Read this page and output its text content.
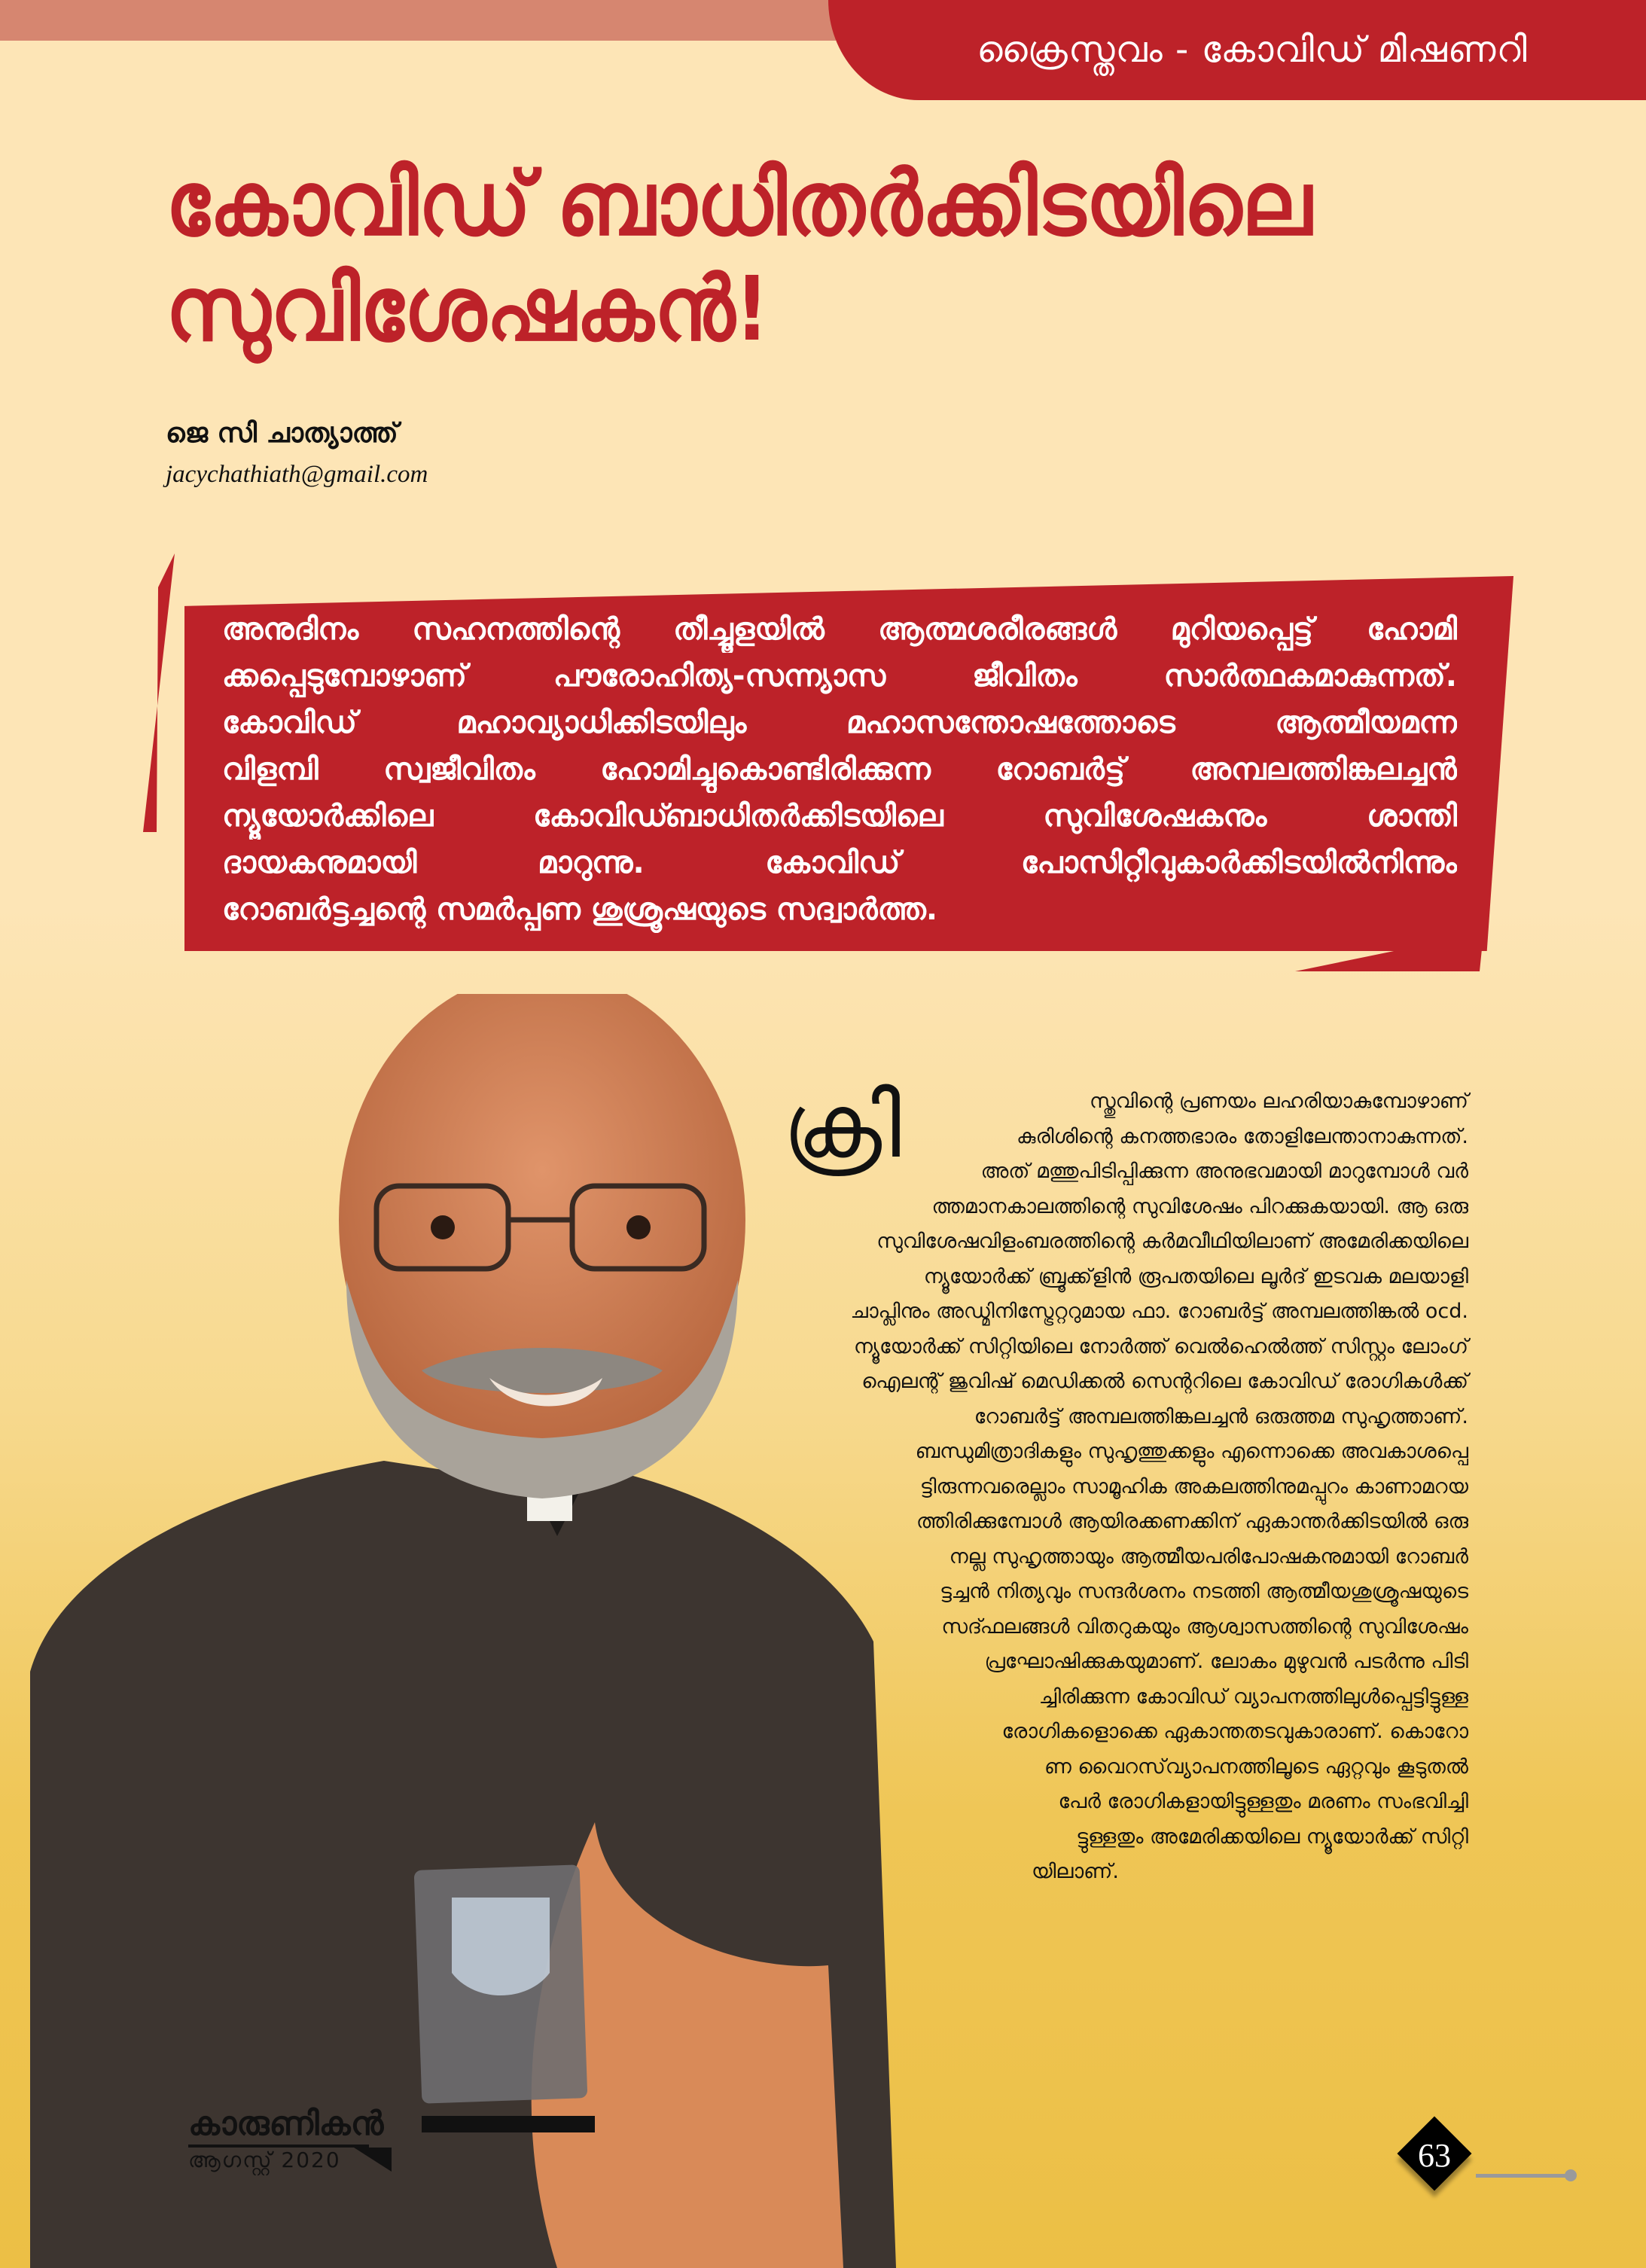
ക്രൈസ്തവം - കോവിഡ് മിഷണറി
കോവിഡ് ബാധിതർക്കിടയിലെ
സുവിശേഷകൻ!
ജെ സി ചാത്യാത്ത്
jacychathiath@gmail.com
അനുദിനം സഹനത്തിന്റെ തീച്ചൂളയിൽ ആത്മശരീരങ്ങൾ മുറിയപ്പെട്ട് ഹോമി
ക്കപ്പെടുമ്പോഴാണ് പൗരോഹിത്യ-സന്ന്യാസ ജീവിതം സാർത്ഥകമാകുന്നത്.
കോവിഡ് മഹാവ്യാധിക്കിടയിലും മഹാസന്തോഷത്തോടെ ആത്മീയമന്ന
വിളമ്പി സ്വജീവിതം ഹോമിച്ചുകൊണ്ടിരിക്കുന്ന റോബർട്ട് അമ്പലത്തിങ്കലച്ചൻ
ന്യൂയോർക്കിലെ കോവിഡ്ബാധിതർക്കിടയിലെ സുവിശേഷകനും ശാന്തി
ദായകനുമായി മാറുന്നു. കോവിഡ് പോസിറ്റീവുകാർക്കിടയിൽനിന്നും
റോബർട്ടച്ചന്റെ സമർപ്പണ ശുശ്രൂഷയുടെ സദ്വാർത്ത.
ക്രി	സ്തുവിന്റെ പ്രണയം ലഹരിയാകുമ്പോഴാണ്
കുരിശിന്റെ കനത്തഭാരം തോളിലേന്താനാകുന്നത്.
അത് മത്തുപിടിപ്പിക്കുന്ന അനുഭവമായി മാറുമ്പോൾ വർ
ത്തമാനകാലത്തിന്റെ സുവിശേഷം പിറക്കുകയായി. ആ ഒരു
സുവിശേഷവിളംബരത്തിന്റെ കർമവീഥിയിലാണ് അമേരിക്കയിലെ
ന്യൂയോർക്ക് ബ്രൂക്ക്‌ളിൻ രൂപതയിലെ ലൂർദ് ഇടവക മലയാളി
ചാപ്ലിനും അഡ്മിനിസ്ട്രേറ്ററുമായ ഫാ. റോബർട്ട് അമ്പലത്തിങ്കൽ ocd.
ന്യൂയോർക്ക് സിറ്റിയിലെ നോർത്ത് വെൽഹെൽത്ത് സിസ്റ്റം ലോംഗ്
ഐലന്റ് ജുവിഷ് മെഡിക്കൽ സെന്ററിലെ കോവിഡ് രോഗികൾക്ക്
റോബർട്ട് അമ്പലത്തിങ്കലച്ചൻ ഒരുത്തമ സുഹൃത്താണ്.
ബന്ധുമിത്രാദികളും സുഹൃത്തുക്കളും എന്നൊക്കെ അവകാശപ്പെ
ട്ടിരുന്നവരെല്ലാം സാമൂഹിക അകലത്തിനുമപ്പുറം കാണാമറയ
ത്തിരിക്കുമ്പോൾ ആയിരക്കണക്കിന് ഏകാന്തർക്കിടയിൽ ഒരു
നല്ല സുഹൃത്തായും ആത്മീയപരിപോഷകനുമായി റോബർ
ട്ടച്ചൻ നിത്യവും സന്ദർശനം നടത്തി ആത്മീയശുശ്രൂഷയുടെ
സദ്ഫലങ്ങൾ വിതറുകയും ആശ്വാസത്തിന്റെ സുവിശേഷം
പ്രഘോഷിക്കുകയുമാണ്. ലോകം മുഴുവൻ പടർന്നു പിടി
ച്ചിരിക്കുന്ന കോവിഡ് വ്യാപനത്തിലുൾപ്പെട്ടിട്ടുള്ള
രോഗികളൊക്കെ ഏകാന്തതടവുകാരാണ്. കൊറോ
ണ വൈറസ്‌വ്യാപനത്തിലൂടെ ഏറ്റവും കൂടുതൽ
പേർ രോഗികളായിട്ടുള്ളതും മരണം സംഭവിച്ചി
ട്ടുള്ളതും അമേരിക്കയിലെ ന്യൂയോർക്ക് സിറ്റി
യിലാണ്.
കാരുണികൻ
ആഗസ്റ്റ് 2020	63
